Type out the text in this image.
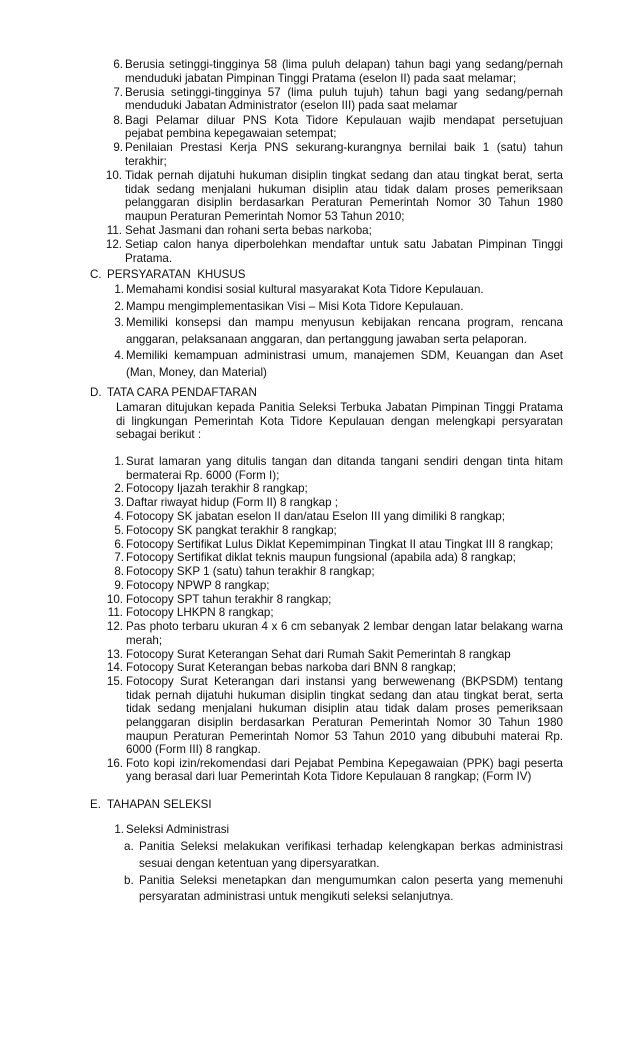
6. Berusia setinggi-tingginya 58 (lima puluh delapan) tahun bagi yang sedang/pernah menduduki jabatan Pimpinan Tinggi Pratama (eselon II) pada saat melamar;
7. Berusia setinggi-tingginya 57 (lima puluh tujuh) tahun bagi yang sedang/pernah menduduki Jabatan Administrator (eselon III) pada saat melamar
8. Bagi Pelamar diluar PNS Kota Tidore Kepulauan wajib mendapat persetujuan pejabat pembina kepegawaian setempat;
9. Penilaian Prestasi Kerja PNS sekurang-kurangnya bernilai baik 1 (satu) tahun terakhir;
10. Tidak pernah dijatuhi hukuman disiplin tingkat sedang dan atau tingkat berat, serta tidak sedang menjalani hukuman disiplin atau tidak dalam proses pemeriksaan pelanggaran disiplin berdasarkan Peraturan Pemerintah Nomor 30 Tahun 1980 maupun Peraturan Pemerintah Nomor 53 Tahun 2010;
11. Sehat Jasmani dan rohani serta bebas narkoba;
12. Setiap calon hanya diperbolehkan mendaftar untuk satu Jabatan Pimpinan Tinggi Pratama.
C. PERSYARATAN  KHUSUS
1. Memahami kondisi sosial kultural masyarakat Kota Tidore Kepulauan.
2. Mampu mengimplementasikan Visi – Misi Kota Tidore Kepulauan.
3. Memiliki konsepsi dan mampu menyusun kebijakan rencana program, rencana anggaran, pelaksanaan anggaran, dan pertanggung jawaban serta pelaporan.
4. Memiliki kemampuan administrasi umum, manajemen SDM, Keuangan dan Aset (Man, Money, dan Material)
D. TATA CARA PENDAFTARAN
Lamaran ditujukan kepada Panitia Seleksi Terbuka Jabatan Pimpinan Tinggi Pratama di lingkungan Pemerintah Kota Tidore Kepulauan dengan melengkapi persyaratan sebagai berikut :
1. Surat lamaran yang ditulis tangan dan ditanda tangani sendiri dengan tinta hitam bermaterai Rp. 6000 (Form I);
2. Fotocopy Ijazah terakhir 8 rangkap;
3. Daftar riwayat hidup (Form II) 8 rangkap ;
4. Fotocopy SK jabatan eselon II dan/atau Eselon III yang dimiliki 8 rangkap;
5. Fotocopy SK pangkat terakhir 8 rangkap;
6. Fotocopy Sertifikat Lulus Diklat Kepemimpinan Tingkat II atau Tingkat III 8 rangkap;
7. Fotocopy Sertifikat diklat teknis maupun fungsional (apabila ada) 8 rangkap;
8. Fotocopy SKP 1 (satu) tahun terakhir 8 rangkap;
9. Fotocopy NPWP 8 rangkap;
10. Fotocopy SPT tahun terakhir 8 rangkap;
11. Fotocopy LHKPN 8 rangkap;
12. Pas photo terbaru ukuran 4 x 6 cm sebanyak 2 lembar dengan latar belakang warna merah;
13. Fotocopy Surat Keterangan Sehat dari Rumah Sakit Pemerintah 8 rangkap
14. Fotocopy Surat Keterangan bebas narkoba dari BNN 8 rangkap;
15. Fotocopy Surat Keterangan dari instansi yang berwewenang (BKPSDM) tentang tidak pernah dijatuhi hukuman disiplin tingkat sedang dan atau tingkat berat, serta tidak sedang menjalani hukuman disiplin atau tidak dalam proses pemeriksaan pelanggaran disiplin berdasarkan Peraturan Pemerintah Nomor 30 Tahun 1980 maupun Peraturan Pemerintah Nomor 53 Tahun 2010 yang dibubuhi materai Rp. 6000 (Form III) 8 rangkap.
16. Foto kopi izin/rekomendasi dari Pejabat Pembina Kepegawaian (PPK) bagi peserta yang berasal dari luar Pemerintah Kota Tidore Kepulauan 8 rangkap; (Form IV)
E. TAHAPAN SELEKSI
1. Seleksi Administrasi
a. Panitia Seleksi melakukan verifikasi terhadap kelengkapan berkas administrasi sesuai dengan ketentuan yang dipersyaratkan.
b. Panitia Seleksi menetapkan dan mengumumkan calon peserta yang memenuhi persyaratan administrasi untuk mengikuti seleksi selanjutnya.
